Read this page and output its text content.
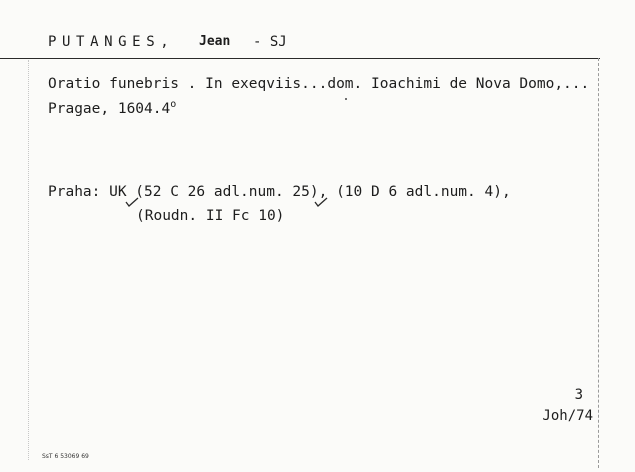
PUTANGES, Jean - SJ
Oratio funebris . In exeqviis...dom. Ioachimi de Nova Domo,...
Pragae, 1604.4$^o$
Praha: UK (52 C 26 adl.num. 25), (10 D 6 adl.num. 4),
(Roudn. II Fc 10)
3
Joh/74
SsT 6 53069 69
